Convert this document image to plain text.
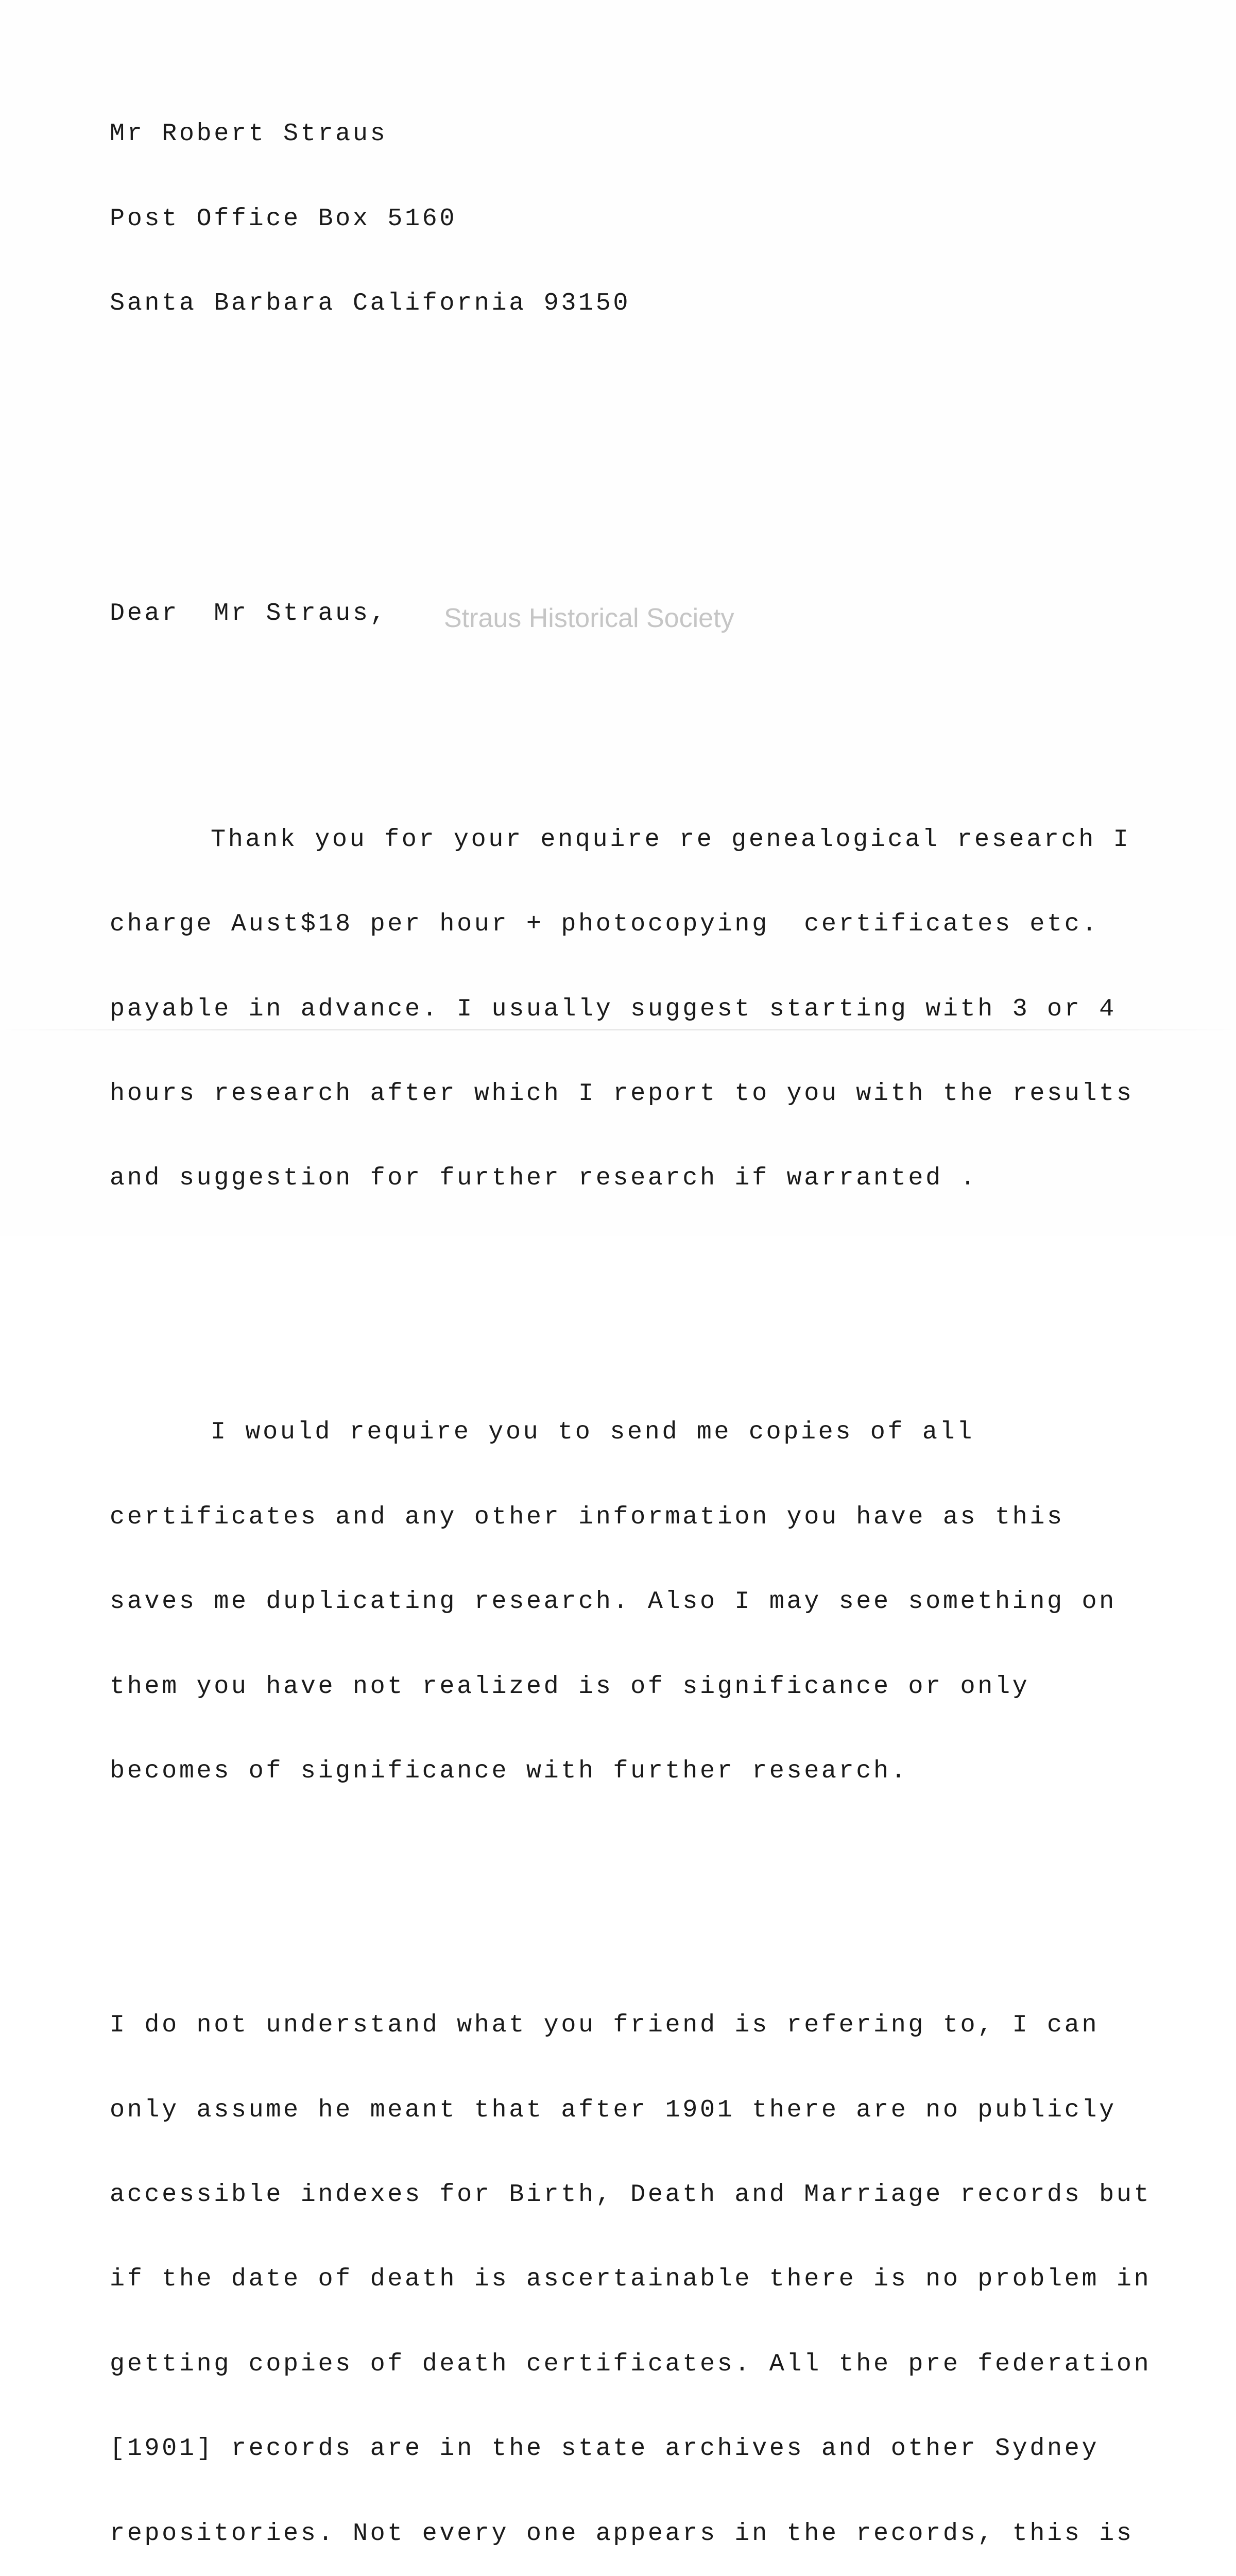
Mr Robert Straus

Post Office Box 5160

Santa Barbara California 93150

Dear  Mr Straus,

Thank you for your enquire re genealogical research I

charge Aust$18 per hour + photocopying  certificates etc.

payable in advance. I usually suggest starting with 3 or 4

hours research after which I report to you with the results

and suggestion for further research if warranted .

I would require you to send me copies of all

certificates and any other information you have as this

saves me duplicating research. Also I may see something on

them you have not realized is of significance or only

becomes of significance with further research.

I do not understand what you friend is refering to, I can

only assume he meant that after 1901 there are no publicly

accessible indexes for Birth, Death and Marriage records but

if the date of death is ascertainable there is no problem in

getting copies of death certificates. All the pre federation

[1901] records are in the state archives and other Sydney

repositories. Not every one appears in the records, this is

Straus Historical Society
